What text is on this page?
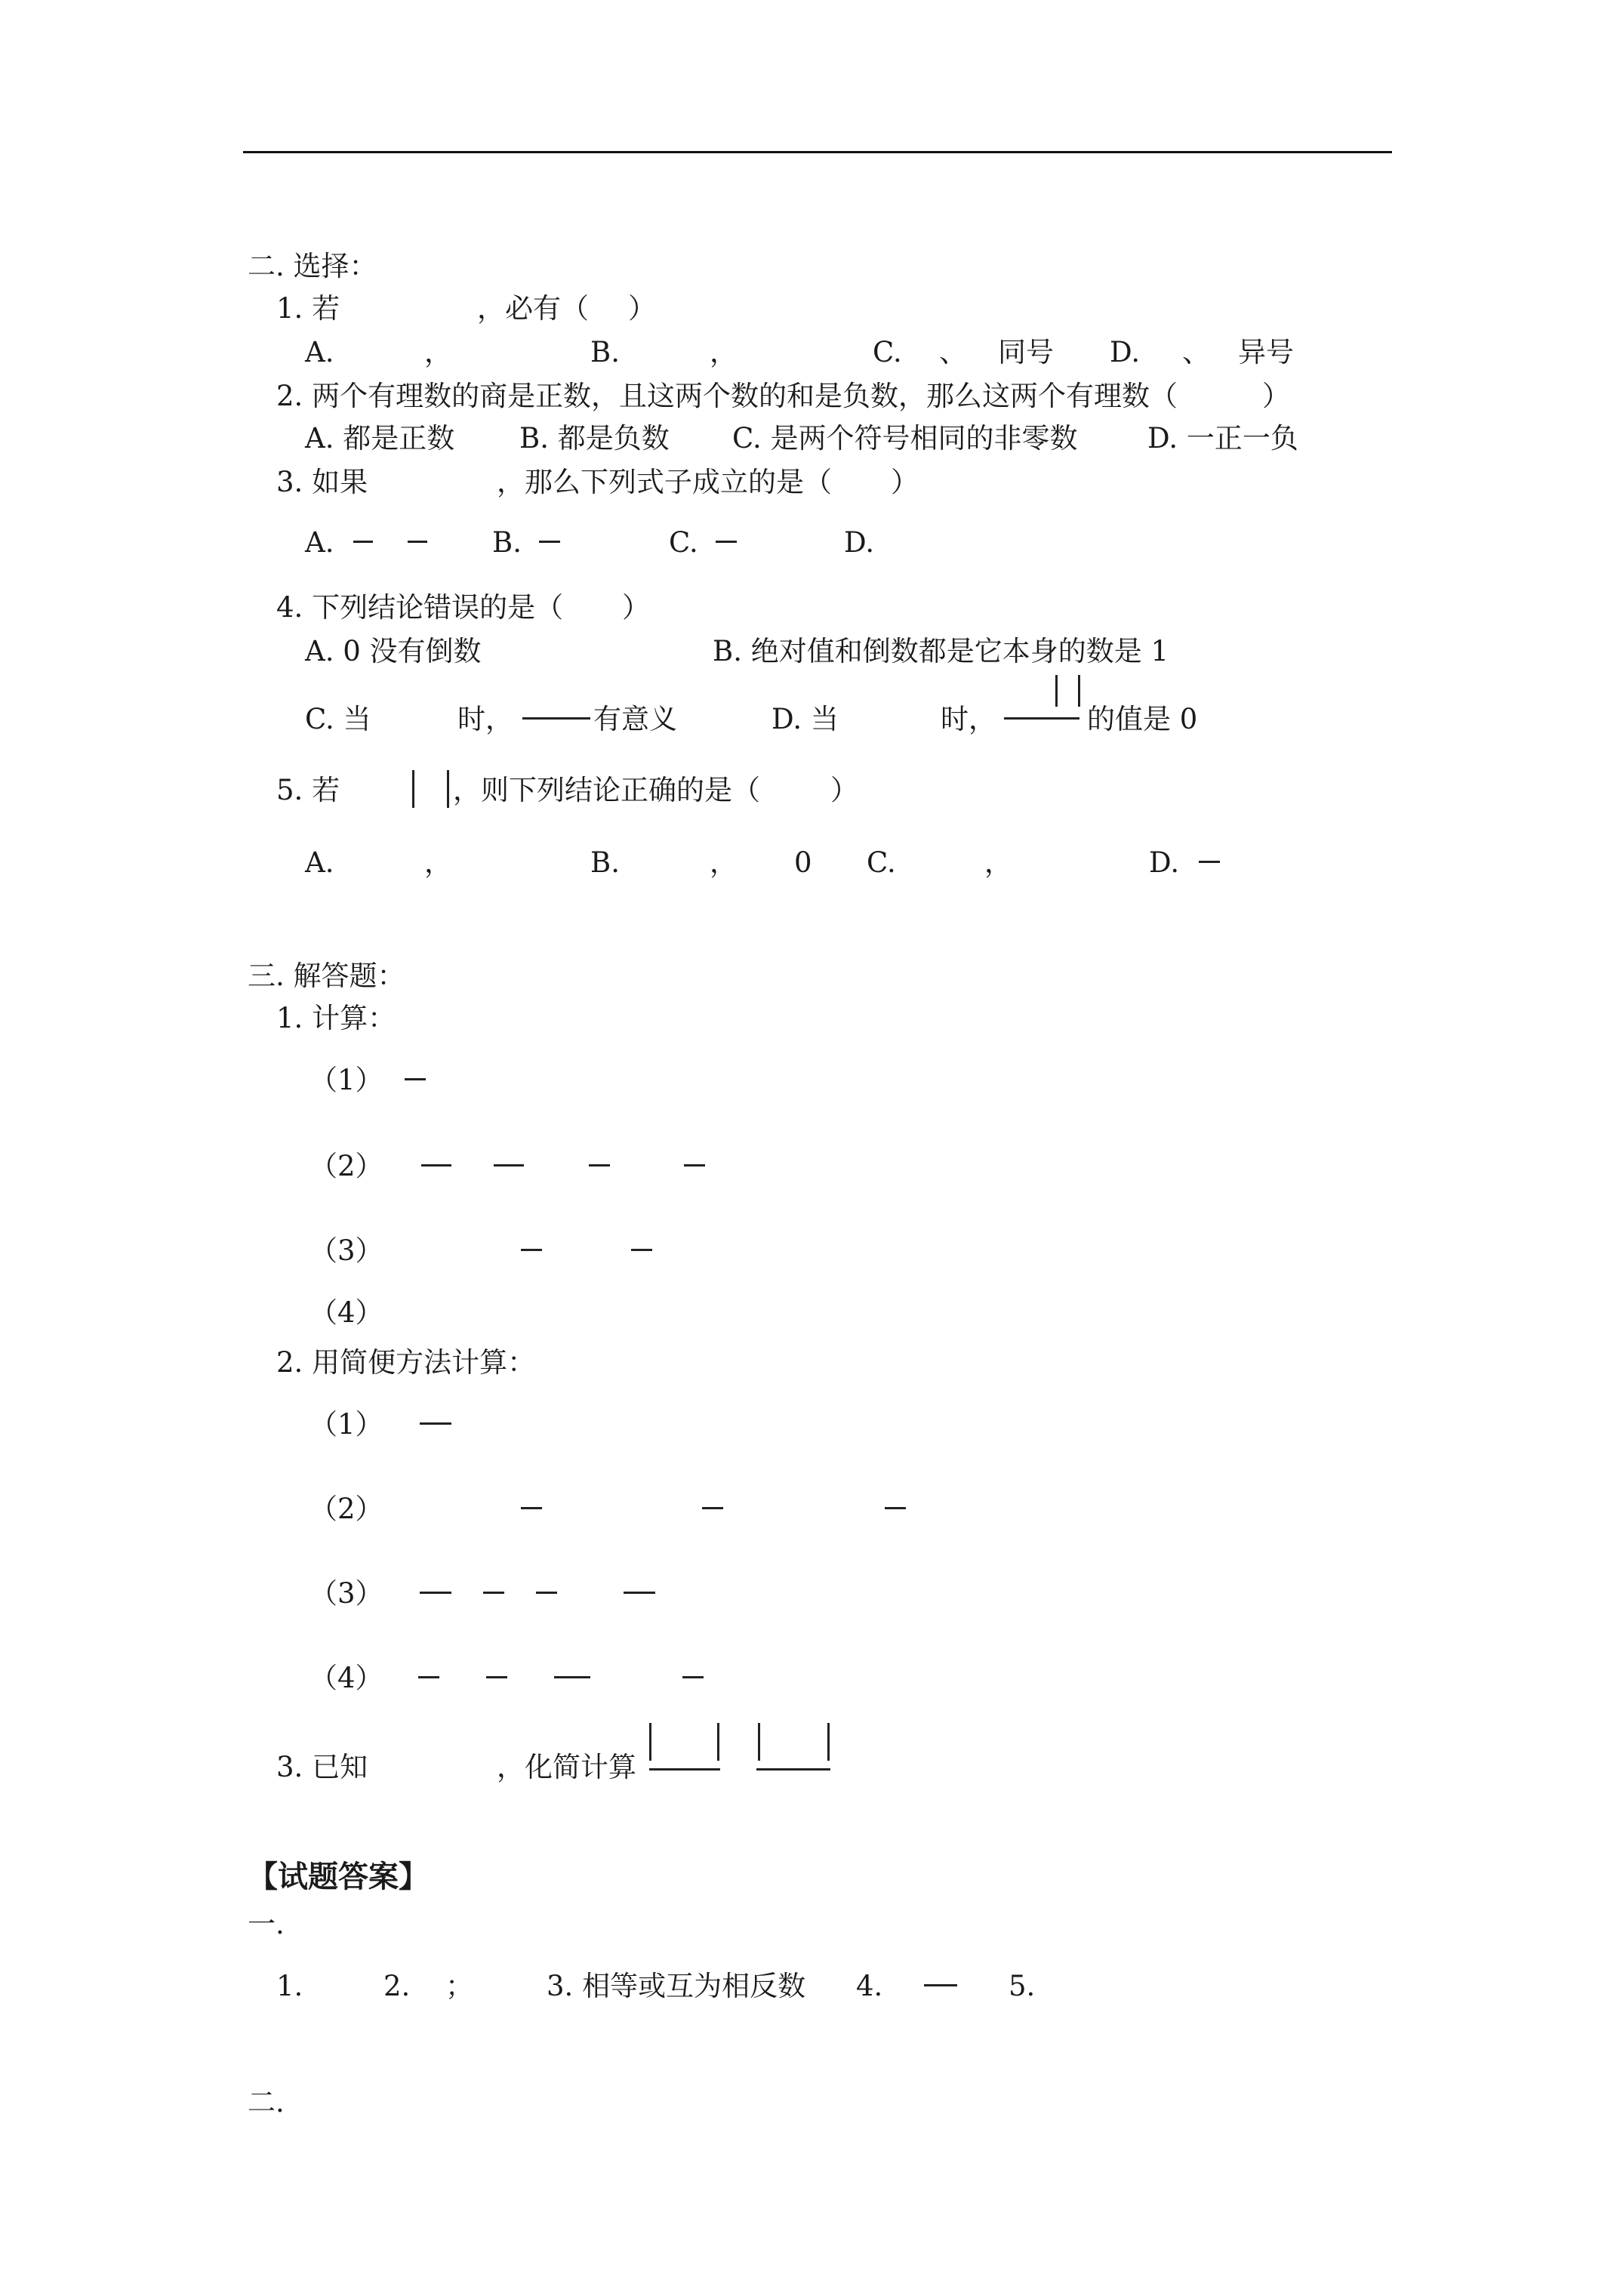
二. 选择：
1. 若	，必有（ ）
A.	，	B.	，	C. 、 同号 D. 、 异号
2. 两个有理数的商是正数，且这两个数的和是负数，那么这两个有理数（	）
A. 都是正数 B. 都是负数 C. 是两个符号相同的非零数 D. 一正一负
3. 如果	，那么下列式子成立的是（ ）
A.	B.	C.	D.
4. 下列结论错误的是（ ）
A. 0 没有倒数	B. 绝对值和倒数都是它本身的数是 1
C. 当	时，	有意义	D. 当	时，	的值是 0
5. 若	，则下列结论正确的是（	）
A.	，	B.	， 0 C.	，	D.
三. 解答题：
1. 计算：
（1）
（2）
（3）
（4）
2. 用简便方法计算：
（1）
（2）
（3）
（4）
3. 已知	，化简计算
【试题答案】
一.
1.	2. ；	3. 相等或互为相反数 4.	5.
二.
